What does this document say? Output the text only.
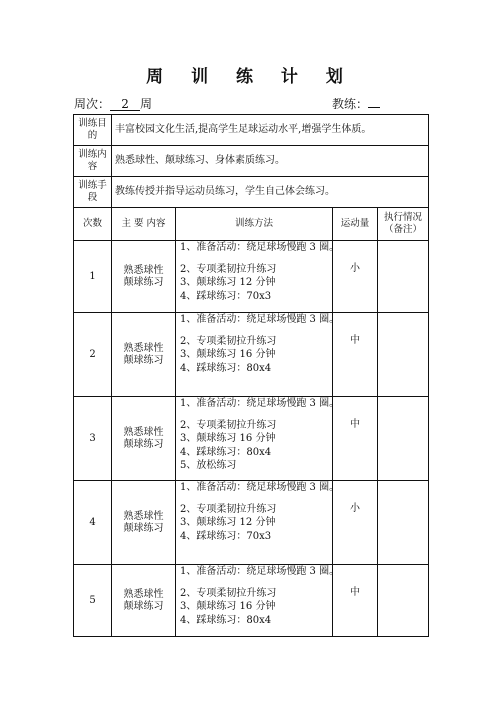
周 训 练 计 划
周次： 2 周	教练：
训练目的	丰富校园文化生活,提高学生足球运动水平,增强学生体质。			
训练内容	熟悉球性、颠球练习、身体素质练习。			
训练手段	教练传授并指导运动员练习，学生自己体会练习。			
次数	主 要 内容	训练方法	运动量	执行情况（备注）
1	熟悉球性颠球练习	1、准备活动：绕足球场慢跑 3 圈。
2、专项柔韧拉升练习
3、颠球练习 12 分钟
4、踩球练习：70x3	小	
2	熟悉球性颠球练习	1、准备活动：绕足球场慢跑 3 圈。
2、专项柔韧拉升练习
3、颠球练习 16 分钟
4、踩球练习：80x4	中	
3	熟悉球性颠球练习	1、准备活动：绕足球场慢跑 3 圈。
2、专项柔韧拉升练习
3、颠球练习 16 分钟
4、踩球练习：80x4
5、放松练习	中	
4	熟悉球性颠球练习	1、准备活动：绕足球场慢跑 3 圈。
2、专项柔韧拉升练习
3、颠球练习 12 分钟
4、踩球练习：70x3	小	
5	熟悉球性颠球练习	1、准备活动：绕足球场慢跑 3 圈。
2、专项柔韧拉升练习
3、颠球练习 16 分钟
4、踩球练习：80x4	中	
